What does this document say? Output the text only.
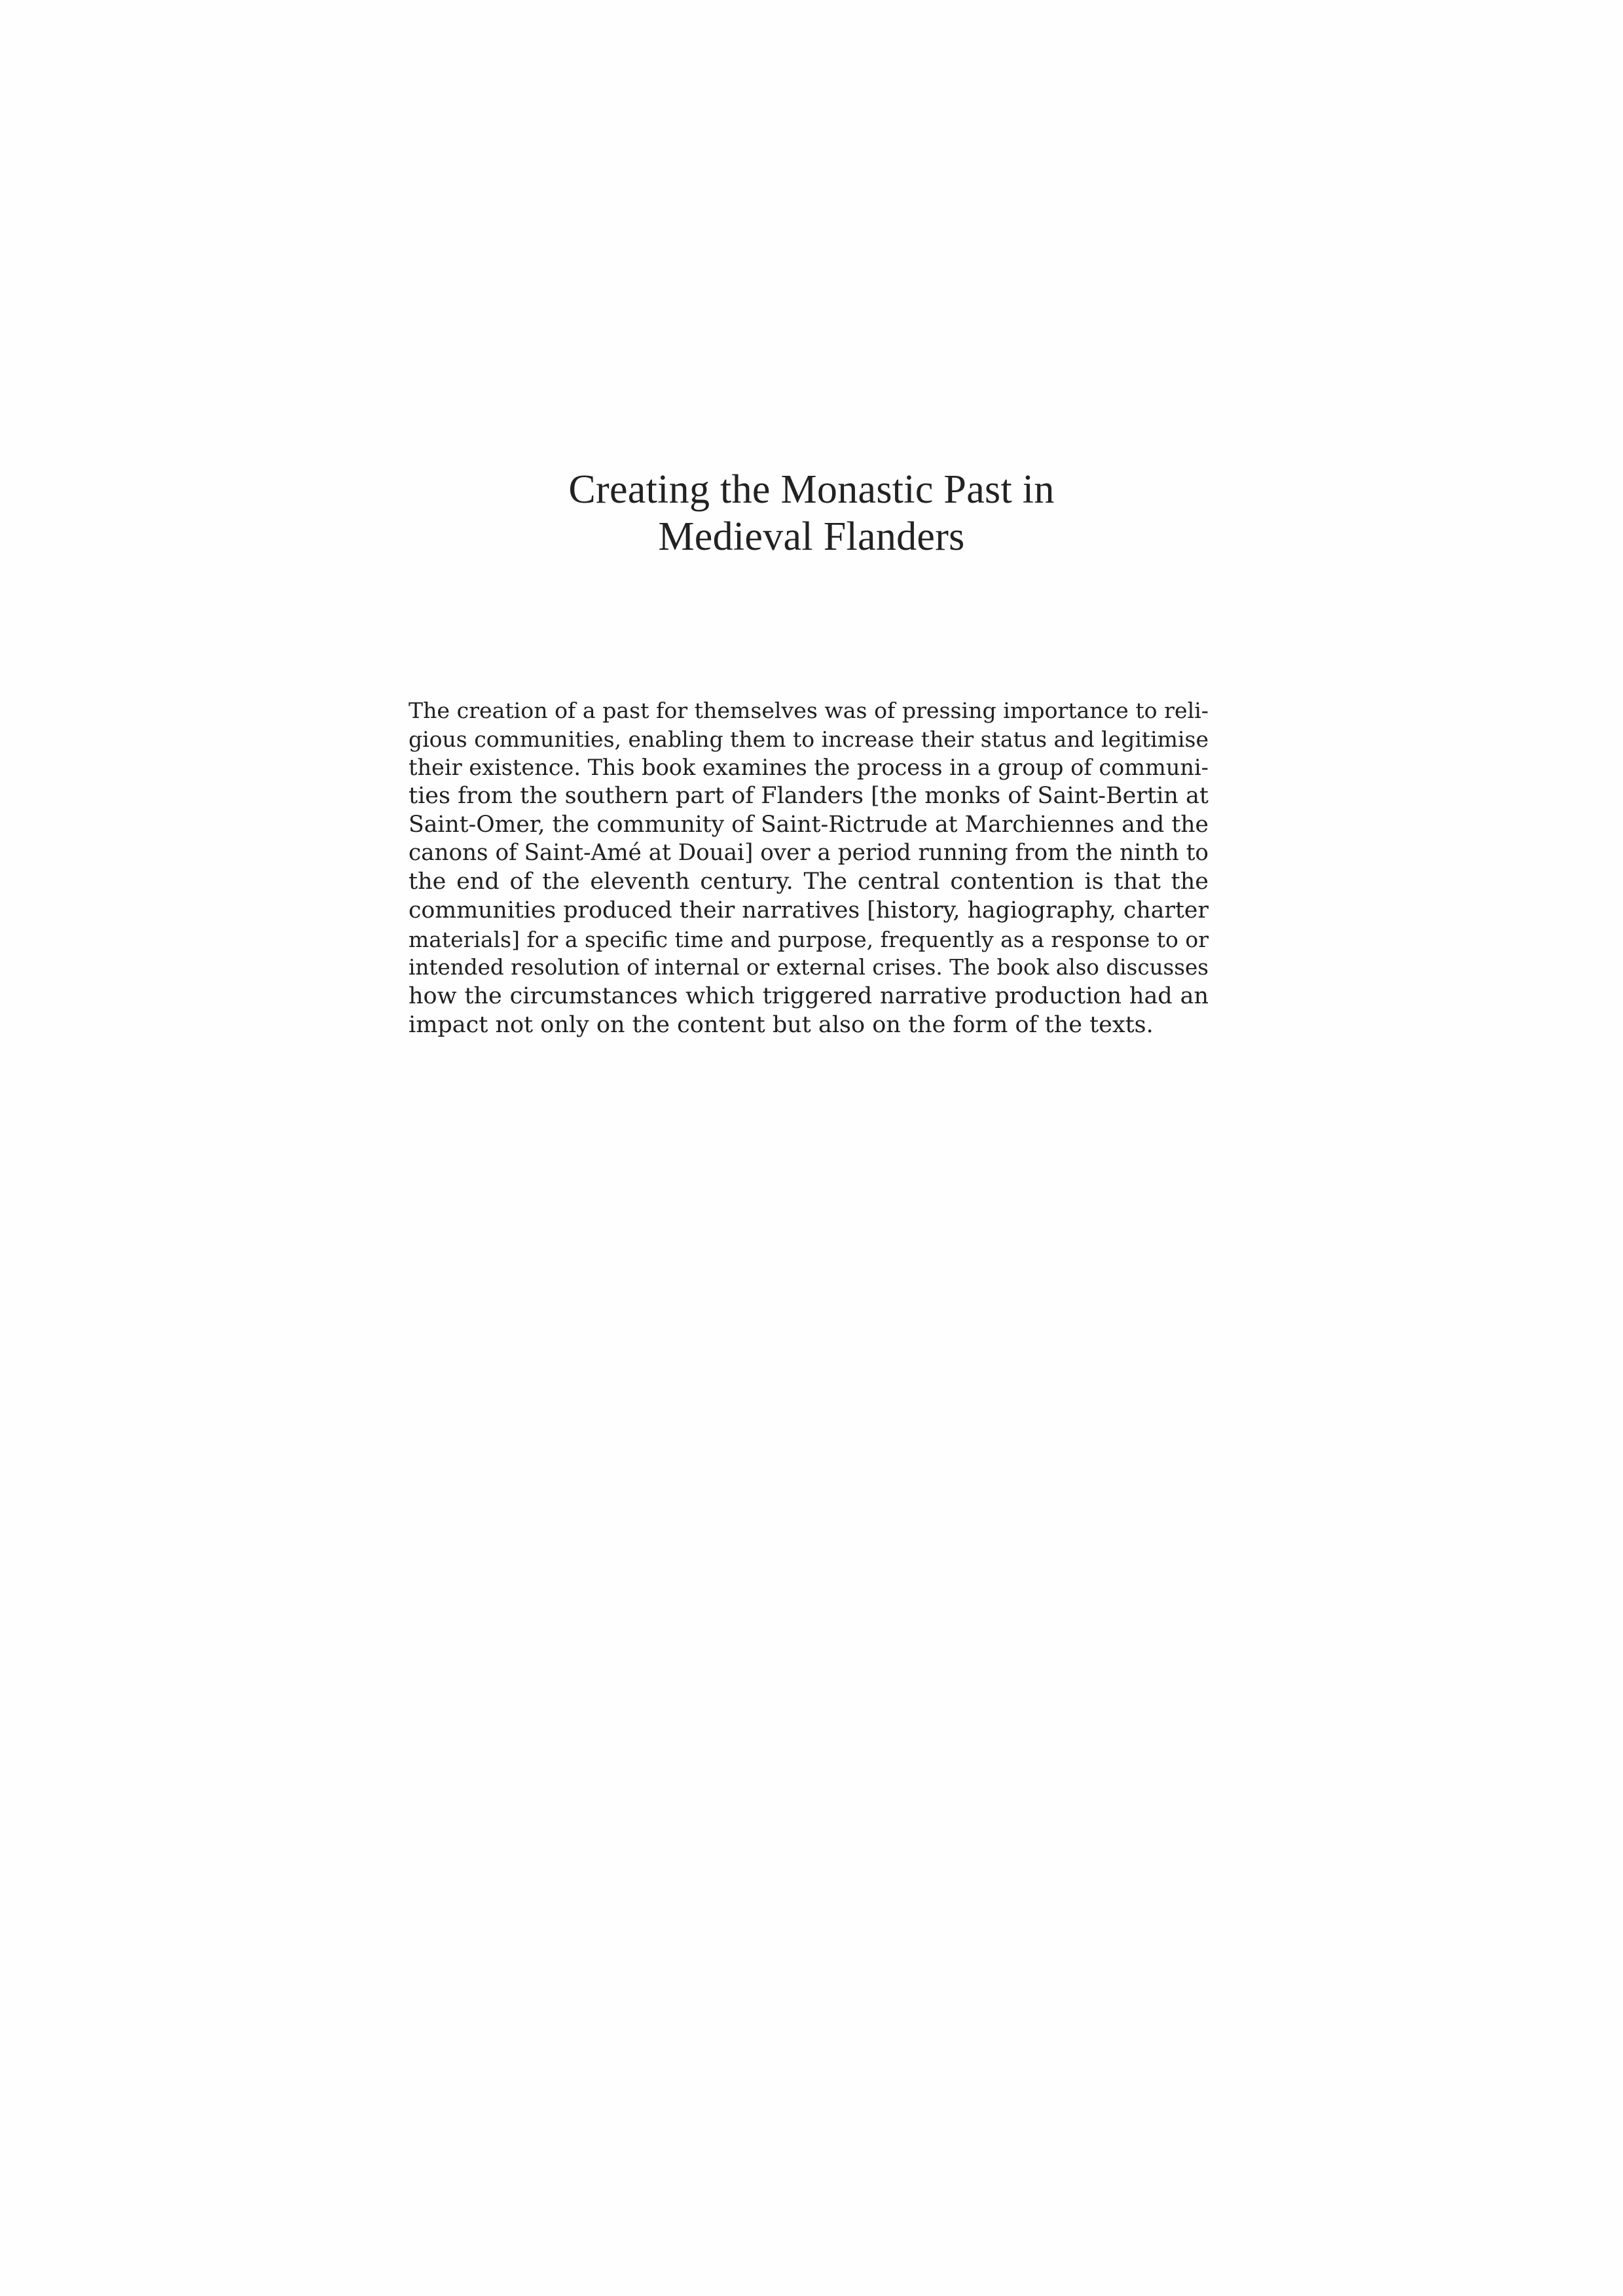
Creating the Monastic Past in
Medieval Flanders
The creation of a past for themselves was of pressing importance to reli-
gious communities, enabling them to increase their status and legitimise
their existence. This book examines the process in a group of communi-
ties from the southern part of Flanders [the monks of Saint-Bertin at
Saint-Omer, the community of Saint-Rictrude at Marchiennes and the
canons of Saint-Amé at Douai] over a period running from the ninth to
the end of the eleventh century. The central contention is that the
communities produced their narratives [history, hagiography, charter
materials] for a specific time and purpose, frequently as a response to or
intended resolution of internal or external crises. The book also discusses
how the circumstances which triggered narrative production had an
impact not only on the content but also on the form of the texts.
